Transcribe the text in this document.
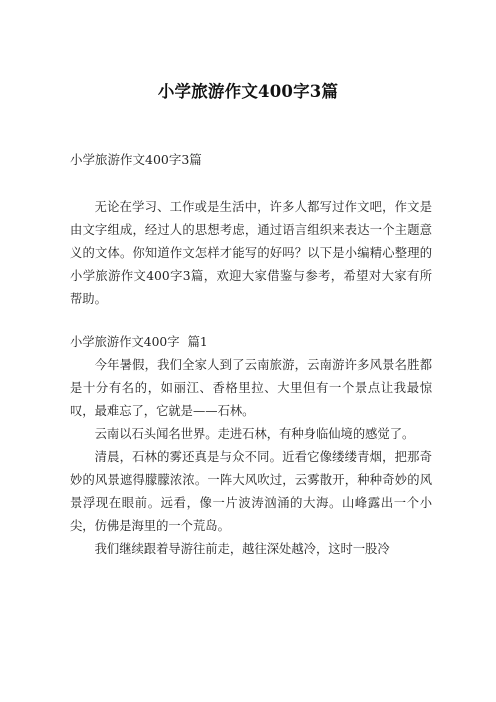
小学旅游作文400字3篇
小学旅游作文400字3篇

无论在学习、工作或是生活中，许多人都写过作文吧，作文是由文字组成，经过人的思想考虑，通过语言组织来表达一个主题意义的文体。你知道作文怎样才能写的好吗？以下是小编精心整理的小学旅游作文400字3篇，欢迎大家借鉴与参考，希望对大家有所帮助。

小学旅游作文400字 篇1

今年暑假，我们全家人到了云南旅游，云南游许多风景名胜都是十分有名的，如丽江、香格里拉、大里但有一个景点让我最惊叹，最难忘了，它就是——石林。

云南以石头闻名世界。走进石林，有种身临仙境的感觉了。

清晨，石林的雾还真是与众不同。近看它像缕缕青烟，把那奇妙的风景遮得朦朦浓浓。一阵大风吹过，云雾散开，种种奇妙的风景浮现在眼前。远看，像一片波涛汹涌的大海。山峰露出一个小尖，仿佛是海里的一个荒岛。

我们继续跟着导游往前走，越往深处越冷，这时一股冷
